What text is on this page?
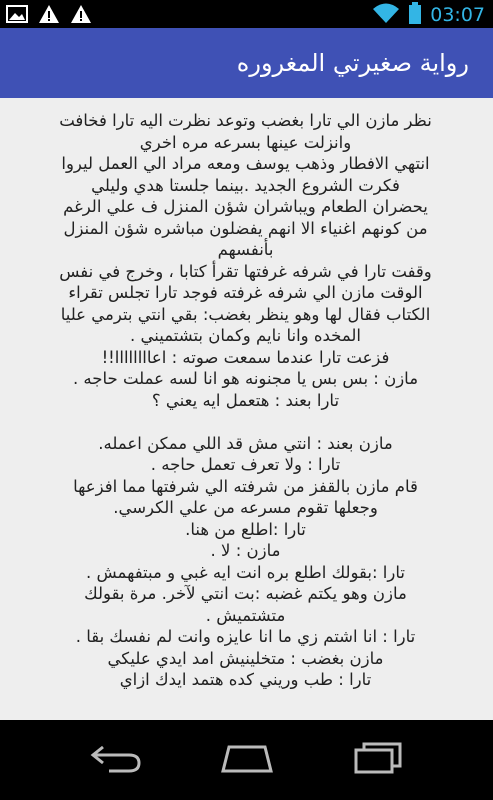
03:07
رواية صغيرتي المغروره
نظر مازن الي تارا بغضب وتوعد نظرت اليه تارا فخافت
وانزلت عينها بسرعه مره اخري
انتهي الافطار وذهب يوسف ومعه مراد الي العمل ليروا
فكرت الشروع الجديد .بينما جلستا هدي وليلي
يحضران الطعام ويباشران شؤن المنزل ف علي الرغم
من كونهم اغنياء الا انهم يفضلون مباشره شؤن المنزل
بأنفسهم
وقفت تارا في شرفه غرفتها تقرأ كتابا ، وخرج في نفس
الوقت مازن الي شرفه غرفته فوجد تارا تجلس تقراء
الكتاب فقال لها وهو ينظر بغضب: بقي انتي بترمي عليا
المخده وانا نايم وكمان بتشتميني .
فزعت تارا عندما سمعت صوته : اعاااااااا!!
مازن : بس بس يا مجنونه هو انا لسه عملت حاجه .
تارا بعند : هتعمل ايه يعني ؟

مازن بعند : انتي مش قد اللي ممكن اعمله.
تارا : ولا تعرف تعمل حاجه .
قام مازن بالقفز من شرفته الي شرفتها مما افزعها
وجعلها تقوم مسرعه من علي الكرسي.
تارا :اطلع من هنا.
مازن : لا .
تارا :بقولك اطلع بره انت ايه غبي و مبتفهمش .
مازن وهو يكتم غضبه :بت انتي لآخر. مرة بقولك
متشتميش .
تارا : انا اشتم زي ما انا عايزه وانت لم نفسك بقا .
مازن بغضب : متخلينيش امد ايدي عليكي
تارا : طب وريني كده هتمد ايدك ازاي
